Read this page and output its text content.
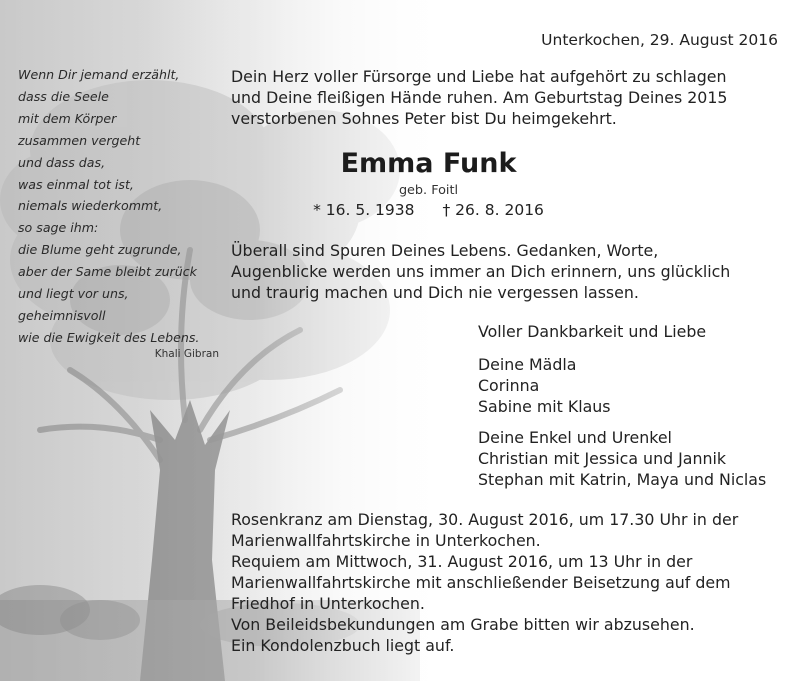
Unterkochen, 29. August 2016
Wenn Dir jemand erzählt,
dass die Seele
mit dem Körper
zusammen vergeht
und dass das,
was einmal tot ist,
niemals wiederkommt,
so sage ihm:
die Blume geht zugrunde,
aber der Same bleibt zurück
und liegt vor uns,
geheimnisvoll
wie die Ewigkeit des Lebens.
Khali Gibran
Dein Herz voller Fürsorge und Liebe hat aufgehört zu schlagen
und Deine fleißigen Hände ruhen. Am Geburtstag Deines 2015
verstorbenen Sohnes Peter bist Du heimgekehrt.
Emma Funk
geb. Foitl
* 16. 5. 1938 † 26. 8. 2016
Überall sind Spuren Deines Lebens. Gedanken, Worte,
Augenblicke werden uns immer an Dich erinnern, uns glücklich
und traurig machen und Dich nie vergessen lassen.
Voller Dankbarkeit und Liebe
Deine Mädla
Corinna
Sabine mit Klaus
Deine Enkel und Urenkel
Christian mit Jessica und Jannik
Stephan mit Katrin, Maya und Niclas
Rosenkranz am Dienstag, 30. August 2016, um 17.30 Uhr in der
Marienwallfahrtskirche in Unterkochen.
Requiem am Mittwoch, 31. August 2016, um 13 Uhr in der
Marienwallfahrtskirche mit anschließender Beisetzung auf dem
Friedhof in Unterkochen.
Von Beileidsbekundungen am Grabe bitten wir abzusehen.
Ein Kondolenzbuch liegt auf.
